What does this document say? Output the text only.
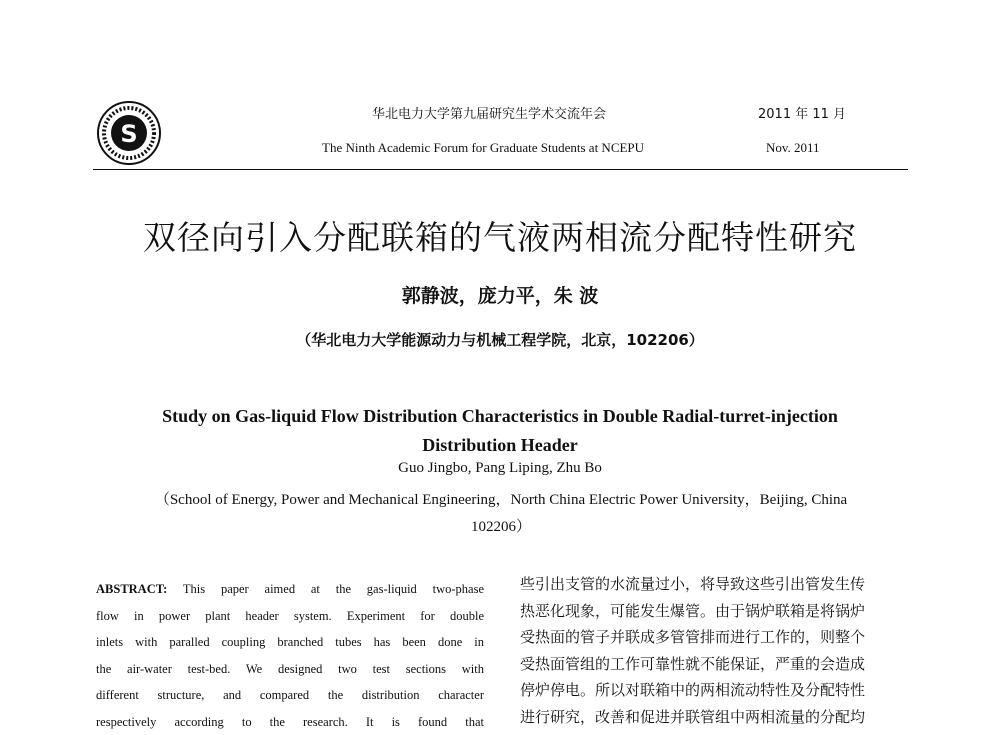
S
华北电力大学第九届研究生学术交流年会	2011 年 11 月
The Ninth Academic Forum for Graduate Students at NCEPU	Nov. 2011
双径向引入分配联箱的气液两相流分配特性研究
郭静波，庞力平，朱 波
（华北电力大学能源动力与机械工程学院，北京，102206）
Study on Gas-liquid Flow Distribution Characteristics in Double Radial-turret-injection
Distribution Header
Guo Jingbo, Pang Liping, Zhu Bo
（School of Energy, Power and Mechanical Engineering，North China Electric Power University，Beijing, China
102206）
ABSTRACT: This paper aimed at the gas-liquid two-phase
flow in power plant header system. Experiment for double
inlets with paralled coupling branched tubes has been done in
the air-water test-bed. We designed two test sections with
different structure, and compared the distribution character
respectively according to the research. It is found that
些引出支管的水流量过小，将导致这些引出管发生传
热恶化现象，可能发生爆管。由于锅炉联箱是将锅炉
受热面的管子并联成多管管排而进行工作的，则整个
受热面管组的工作可靠性就不能保证，严重的会造成
停炉停电。所以对联箱中的两相流动特性及分配特性
进行研究，改善和促进并联管组中两相流量的分配均
